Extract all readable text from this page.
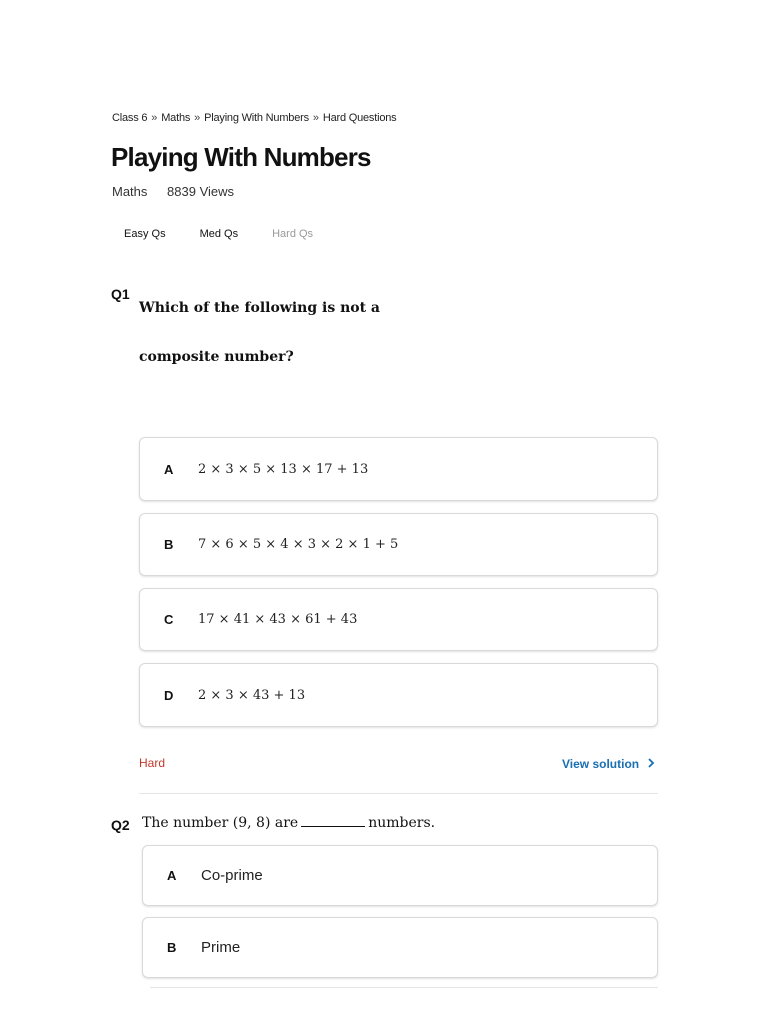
Class 6 » Maths » Playing With Numbers » Hard Questions
Playing With Numbers
Maths 8839 Views
Easy Qs	Med Qs	Hard Qs
Q1
Which of the following is not a composite number?
A	2 × 3 × 5 × 13 × 17 + 13
B	7 × 6 × 5 × 4 × 3 × 2 × 1 + 5
C	17 × 41 × 43 × 61 + 43
D	2 × 3 × 43 + 13
Hard	View solution
Q2 The number (9, 8) are	numbers.
A	Co-prime
B	Prime
